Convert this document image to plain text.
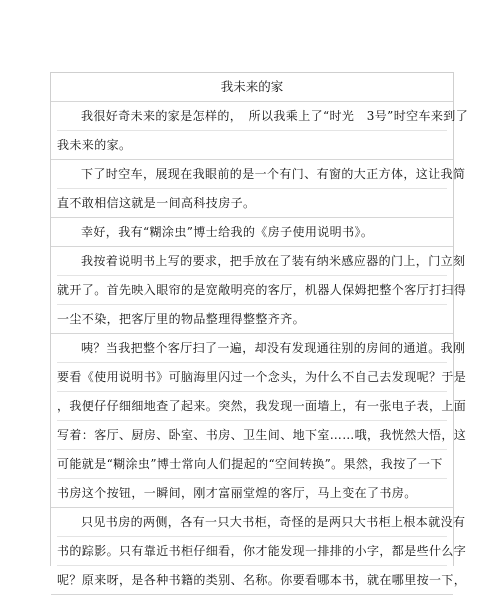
我未来的家
我很好奇未来的家是怎样的，　所以我乘上了“时光　3号”时空车来到了
我未来的家。
下了时空车，展现在我眼前的是一个有门、有窗的大正方体，这让我简
直不敢相信这就是一间高科技房子。
幸好，我有“糊涂虫”博士给我的《房子使用说明书》。
我按着说明书上写的要求，把手放在了装有纳米感应器的门上，门立刻
就开了。首先映入眼帘的是宽敞明亮的客厅，机器人保姆把整个客厅打扫得
一尘不染，把客厅里的物品整理得整整齐齐。
咦？当我把整个客厅扫了一遍，却没有发现通往别的房间的通道。我刚
要看《使用说明书》可脑海里闪过一个念头，为什么不自己去发现呢？于是
，我便仔仔细细地查了起来。突然，我发现一面墙上，有一张电子表，上面
写着：客厅、厨房、卧室、书房、卫生间、地下室……哦，我恍然大悟，这
可能就是“糊涂虫”博士常向人们提起的“空间转换”。果然，我按了一下
书房这个按钮，一瞬间，刚才富丽堂煌的客厅，马上变在了书房。
只见书房的两侧，各有一只大书柜，奇怪的是两只大书柜上根本就没有
书的踪影。只有靠近书柜仔细看，你才能发现一排排的小字，都是些什么字
呢？原来呀，是各种书籍的类别、名称。你要看哪本书，就在哪里按一下，
